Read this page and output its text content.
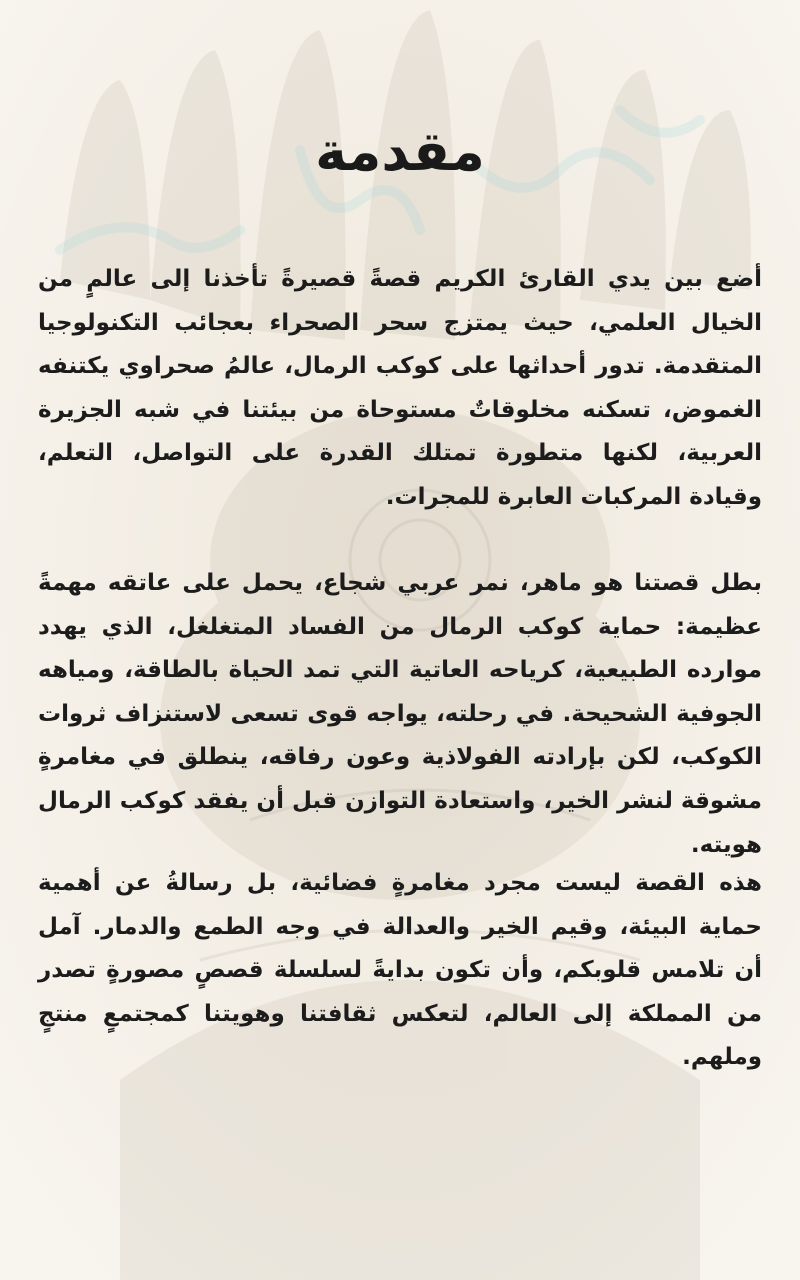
مقدمة

أضع بين يدي القارئ الكريم قصةً قصيرةً تأخذنا إلى عالمٍ من الخيال العلمي، حيث يمتزج سحر الصحراء بعجائب التكنولوجيا المتقدمة. تدور أحداثها على كوكب الرمال، عالمُ صحراوي يكتنفه الغموض، تسكنه مخلوقاتٌ مستوحاة من بيئتنا في شبه الجزيرة العربية، لكنها متطورة تمتلك القدرة على التواصل، التعلم، وقيادة المركبات العابرة للمجرات.

بطل قصتنا هو ماهر، نمر عربي شجاع، يحمل على عاتقه مهمةً عظيمة: حماية كوكب الرمال من الفساد المتغلغل، الذي يهدد موارده الطبيعية، كرياحه العاتية التي تمد الحياة بالطاقة، ومياهه الجوفية الشحيحة. في رحلته، يواجه قوى تسعى لاستنزاف ثروات الكوكب، لكن بإرادته الفولاذية وعون رفاقه، ينطلق في مغامرةٍ مشوقة لنشر الخير، واستعادة التوازن قبل أن يفقد كوكب الرمال هويته.

هذه القصة ليست مجرد مغامرةٍ فضائية، بل رسالةُ عن أهمية حماية البيئة، وقيم الخير والعدالة في وجه الطمع والدمار. آمل أن تلامس قلوبكم، وأن تكون بدايةً لسلسلة قصصٍ مصورةٍ تصدر من المملكة إلى العالم، لتعكس ثقافتنا وهويتنا كمجتمعٍ منتجٍ وملهم.
